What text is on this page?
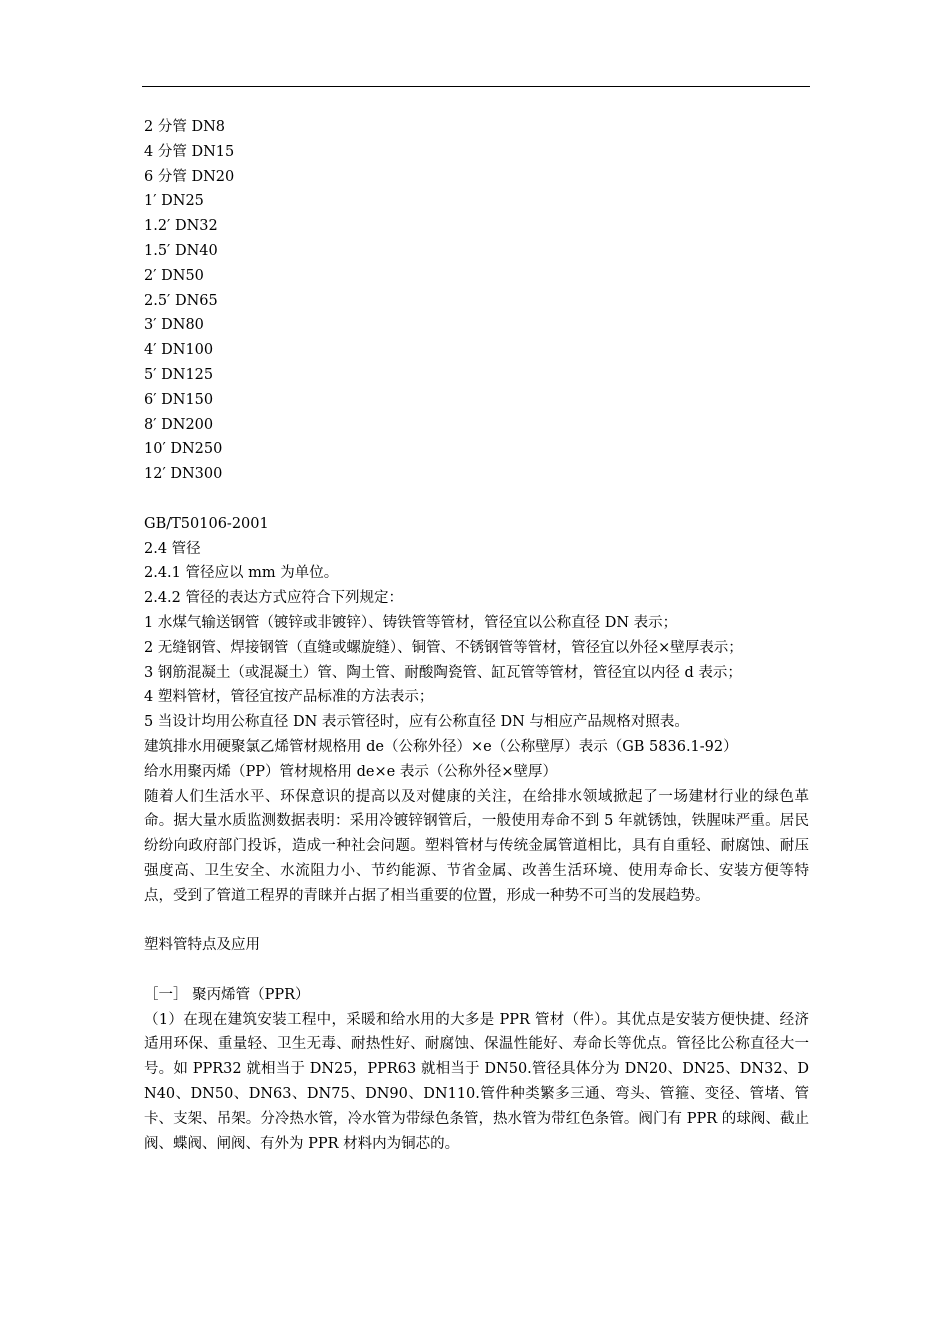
2 分管 DN8
4 分管 DN15
6 分管 DN20
1′ DN25
1.2′ DN32
1.5′ DN40
2′ DN50
2.5′ DN65
3′ DN80
4′ DN100
5′ DN125
6′ DN150
8′ DN200
10′ DN250
12′ DN300
GB/T50106-2001
2.4 管径
2.4.1 管径应以 mm 为单位。
2.4.2 管径的表达方式应符合下列规定：
1 水煤气输送钢管（镀锌或非镀锌）、铸铁管等管材，管径宜以公称直径 DN 表示；
2 无缝钢管、焊接钢管（直缝或螺旋缝）、铜管、不锈钢管等管材，管径宜以外径×壁厚表示；
3 钢筋混凝土（或混凝土）管、陶土管、耐酸陶瓷管、缸瓦管等管材，管径宜以内径 d 表示；
4 塑料管材，管径宜按产品标准的方法表示；
5 当设计均用公称直径 DN 表示管径时，应有公称直径 DN 与相应产品规格对照表。
建筑排水用硬聚氯乙烯管材规格用 de（公称外径）×e（公称壁厚）表示（GB 5836.1-92）
给水用聚丙烯（PP）管材规格用 de×e 表示（公称外径×壁厚）

随着人们生活水平、环保意识的提高以及对健康的关注，在给排水领域掀起了一场建材行业的绿色革命。据大量水质监测数据表明：采用冷镀锌钢管后，一般使用寿命不到 5 年就锈蚀，铁腥味严重。居民纷纷向政府部门投诉，造成一种社会问题。塑料管材与传统金属管道相比，具有自重轻、耐腐蚀、耐压强度高、卫生安全、水流阻力小、节约能源、节省金属、改善生活环境、使用寿命长、安装方便等特点，受到了管道工程界的青睐并占据了相当重要的位置，形成一种势不可当的发展趋势。

塑料管特点及应用
［一］ 聚丙烯管（PPR）

（1）在现在建筑安装工程中，采暖和给水用的大多是 PPR 管材（件）。其优点是安装方便快捷、经济适用环保、重量轻、卫生无毒、耐热性好、耐腐蚀、保温性能好、寿命长等优点。管径比公称直径大一号。如 PPR32 就相当于 DN25，PPR63 就相当于 DN50.管径具体分为 DN20、DN25、DN32、DN40、DN50、DN63、DN75、DN90、DN110.管件种类繁多三通、弯头、管箍、变径、管堵、管卡、支架、吊架。分冷热水管，冷水管为带绿色条管，热水管为带红色条管。阀门有 PPR 的球阀、截止阀、蝶阀、闸阀、有外为 PPR 材料内为铜芯的。
